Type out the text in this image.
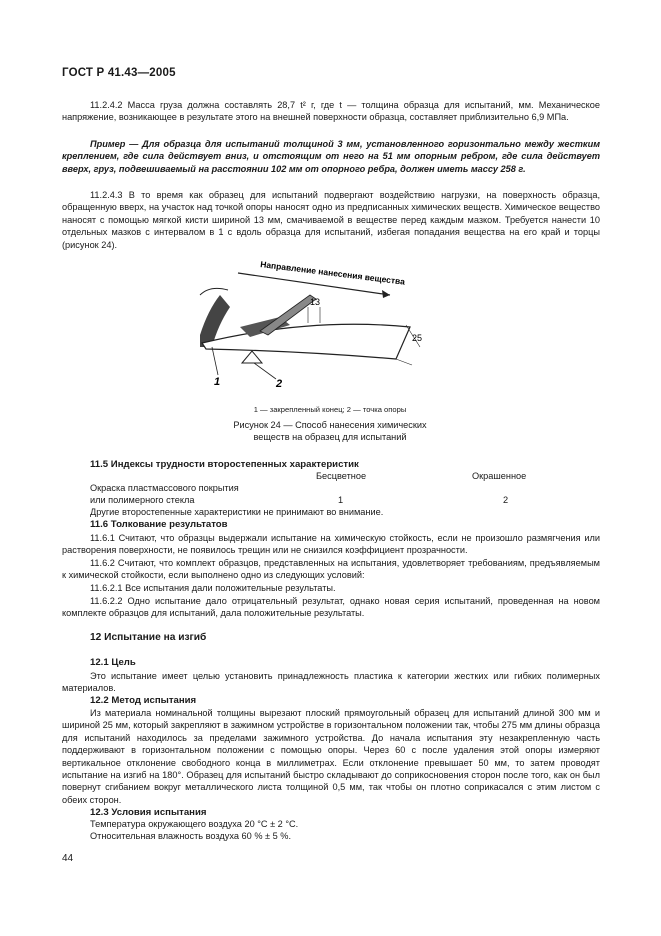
ГОСТ Р 41.43—2005

11.2.4.2 Масса груза должна составлять 28,7 t² г, где t — толщина образца для испытаний, мм. Механическое напряжение, возникающее в результате этого на внешней поверхности образца, составляет приблизительно 6,9 МПа.

Пример — Для образца для испытаний толщиной 3 мм, установленного горизонтально между жестким креплением, где сила действует вниз, и отстоящим от него на 51 мм опорным ребром, где сила действует вверх, груз, подвешиваемый на расстоянии 102 мм от опорного ребра, должен иметь массу 258 г.

11.2.4.3 В то время как образец для испытаний подвергают воздействию нагрузки, на поверхность образца, обращенную вверх, на участок над точкой опоры наносят одно из предписанных химических веществ. Химическое вещество наносят с помощью мягкой кисти шириной 13 мм, смачиваемой в веществе перед каждым мазком. Требуется нанести 10 отдельных мазков с интервалом в 1 с вдоль образца для испытаний, избегая попадания вещества на его край и торцы (рисунок 24).

Направление нанесения вещества
13
25
1	2
1 — закрепленный конец; 2 — точка опоры
Рисунок 24 — Способ нанесения химических
веществ на образец для испытаний
11.5 Индексы трудности второстепенных характеристик
Бесцветное	Окрашенное
Окраска пластмассового покрытия
или полимерного стекла	1	2
Другие второстепенные характеристики не принимают во внимание.
11.6 Толкование результатов

11.6.1 Считают, что образцы выдержали испытание на химическую стойкость, если не произошло размягчения или растворения поверхности, не появилось трещин или не снизился коэффициент прозрачности.

11.6.2 Считают, что комплект образцов, представленных на испытания, удовлетворяет требованиям, предъявляемым к химической стойкости, если выполнено одно из следующих условий:

11.6.2.1 Все испытания дали положительные результаты.

11.6.2.2 Одно испытание дало отрицательный результат, однако новая серия испытаний, проведенная на новом комплекте образцов для испытаний, дала положительные результаты.

12 Испытание на изгиб
12.1 Цель

Это испытание имеет целью установить принадлежность пластика к категории жестких или гибких полимерных материалов.

12.2 Метод испытания

Из материала номинальной толщины вырезают плоский прямоугольный образец для испытаний длиной 300 мм и шириной 25 мм, который закрепляют в зажимном устройстве в горизонтальном положении так, чтобы 275 мм длины образца для испытаний находилось за пределами зажимного устройства. До начала испытания эту незакрепленную часть поддерживают в горизонтальном положении с помощью опоры. Через 60 с после удаления этой опоры измеряют вертикальное отклонение свободного конца в миллиметрах. Если отклонение превышает 50 мм, то затем проводят испытание на изгиб на 180°. Образец для испытаний быстро складывают до соприкосновения сторон после того, как он был повернут сгибанием вокруг металлического листа толщиной 0,5 мм, так чтобы он плотно соприкасался с этим листом с обеих сторон.

12.3 Условия испытания
Температура окружающего воздуха 20 °С ± 2 °С.
Относительная влажность воздуха 60 % ± 5 %.
44
